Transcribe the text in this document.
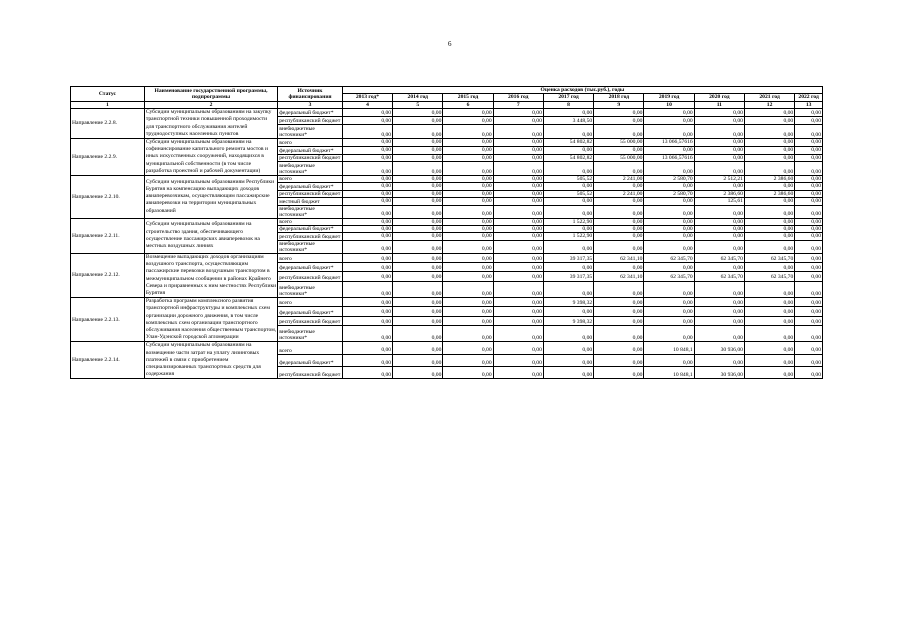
6
Статус	Наименование государственной программы, подпрограммы	Источник финансирования	Оценка расходов (тыс.руб.), годы									
			2013 год*	2014 год	2015 год	2016 год	2017 год	2018 год	2019 год	2020 год	2021 год	2022 год
1	2	3	4	5	6	7	8	9	10	11	12	13
Направление 2.2.8.	Субсидии муниципальным образованиям на закупку транспортной техники повышенной проходимости для транспортного обслуживания жителей труднодоступных населенных пунктов	федеральный бюджет*	0,00	0,00	0,00	0,00	0,00	0,00	0,00	0,00	0,00	0,00
		республиканский бюджет	0,00	0,00	0,00	0,00	3 448,50	0,00	0,00	0,00	0,00	0,00
		внебюджетные источники*	0,00	0,00	0,00	0,00	0,00	0,00	0,00	0,00	0,00	0,00
Направление 2.2.9.	Субсидии муниципальным образованиям на софинансирование капитального ремонта мостов и иных искусственных сооружений, находящихся в муниципальной собственности (в том числе разработка проектной и рабочей документации)	всего	0,00	0,00	0,00	0,00	54 802,82	55 000,00	13 066,57616	0,00	0,00	0,00
		федеральный бюджет*	0,00	0,00	0,00	0,00	0,00	0,00	0,00	0,00	0,00	0,00
		республиканский бюджет	0,00	0,00	0,00	0,00	54 802,82	55 000,00	13 066,57616	0,00	0,00	0,00
		внебюджетные источники*	0,00	0,00	0,00	0,00	0,00	0,00	0,00	0,00	0,00	0,00
Направление 2.2.10.	Субсидии муниципальным образованиям Республики Бурятия на компенсацию выпадающих доходов авиаперевозчикам, осуществляющим пассажирские авиаперевозки на территории муниципальных образований	всего	0,00	0,00	0,00	0,00	505,52	2 241,00	2 580,70	2 512,21	2 386,60	0,00
		федеральный бюджет*	0,00	0,00	0,00	0,00	0,00	0,00	0,00	0,00	0,00	0,00
		республиканский бюджет	0,00	0,00	0,00	0,00	505,52	2 241,00	2 580,70	2 386,60	2 386,60	0,00
		местный бюджет	0,00	0,00	0,00	0,00	0,00	0,00	0,00	125,61	0,00	0,00
		внебюджетные источники*	0,00	0,00	0,00	0,00	0,00	0,00	0,00	0,00	0,00	0,00
Направление 2.2.11.	Субсидии муниципальным образованиям на строительство здания, обеспечивающего осуществление пассажирских авиаперевозок на местных воздушных линиях	всего	0,00	0,00	0,00	0,00	1 522,90	0,00	0,00	0,00	0,00	0,00
		федеральный бюджет*	0,00	0,00	0,00	0,00	0,00	0,00	0,00	0,00	0,00	0,00
		республиканский бюджет	0,00	0,00	0,00	0,00	1 522,90	0,00	0,00	0,00	0,00	0,00
		внебюджетные источники*	0,00	0,00	0,00	0,00	0,00	0,00	0,00	0,00	0,00	0,00
Направление 2.2.12.	Возмещение выпадающих доходов организациям воздушного транспорта, осуществляющим пассажирские перевозки воздушным транспортом в межмуниципальном сообщении в районах Крайнего Севера и приравненных к ним местностях Республики Бурятия	всего	0,00	0,00	0,00	0,00	39 317,35	62 341,10	62 345,70	62 345,70	62 345,70	0,00
		федеральный бюджет*	0,00	0,00	0,00	0,00	0,00	0,00	0,00	0,00	0,00	0,00
		республиканский бюджет	0,00	0,00	0,00	0,00	39 317,35	62 341,10	62 345,70	62 345,70	62 345,70	0,00
		внебюджетные источники*	0,00	0,00	0,00	0,00	0,00	0,00	0,00	0,00	0,00	0,00
Направление 2.2.13.	Разработка программ комплексного развития транспортной инфраструктуры и комплексных схем организации дорожного движения, в том числе комплексных схем организации транспортного обслуживания населения общественным транспортом, Улан-Удэнской городской агломерации	всего	0,00	0,00	0,00	0,00	9 398,32	0,00	0,00	0,00	0,00	0,00
		федеральный бюджет*	0,00	0,00	0,00	0,00	0,00	0,00	0,00	0,00	0,00	0,00
		республиканский бюджет	0,00	0,00	0,00	0,00	9 398,32	0,00	0,00	0,00	0,00	0,00
		внебюджетные источники*	0,00	0,00	0,00	0,00	0,00	0,00	0,00	0,00	0,00	0,00
Направление 2.2.14.	Субсидии муниципальным образованиям на возмещение части затрат на уплату лизинговых платежей в связи с приобретением специализированных транспортных средств для содержания	всего	0,00	0,00	0,00	0,00	0,00	0,00	10 848,1	30 936,00	0,00	0,00
		федеральный бюджет*	0,00	0,00	0,00	0,00	0,00	0,00	0,00	0,00	0,00	0,00
		республиканский бюджет	0,00	0,00	0,00	0,00	0,00	0,00	10 848,1	30 936,00	0,00	0,00
